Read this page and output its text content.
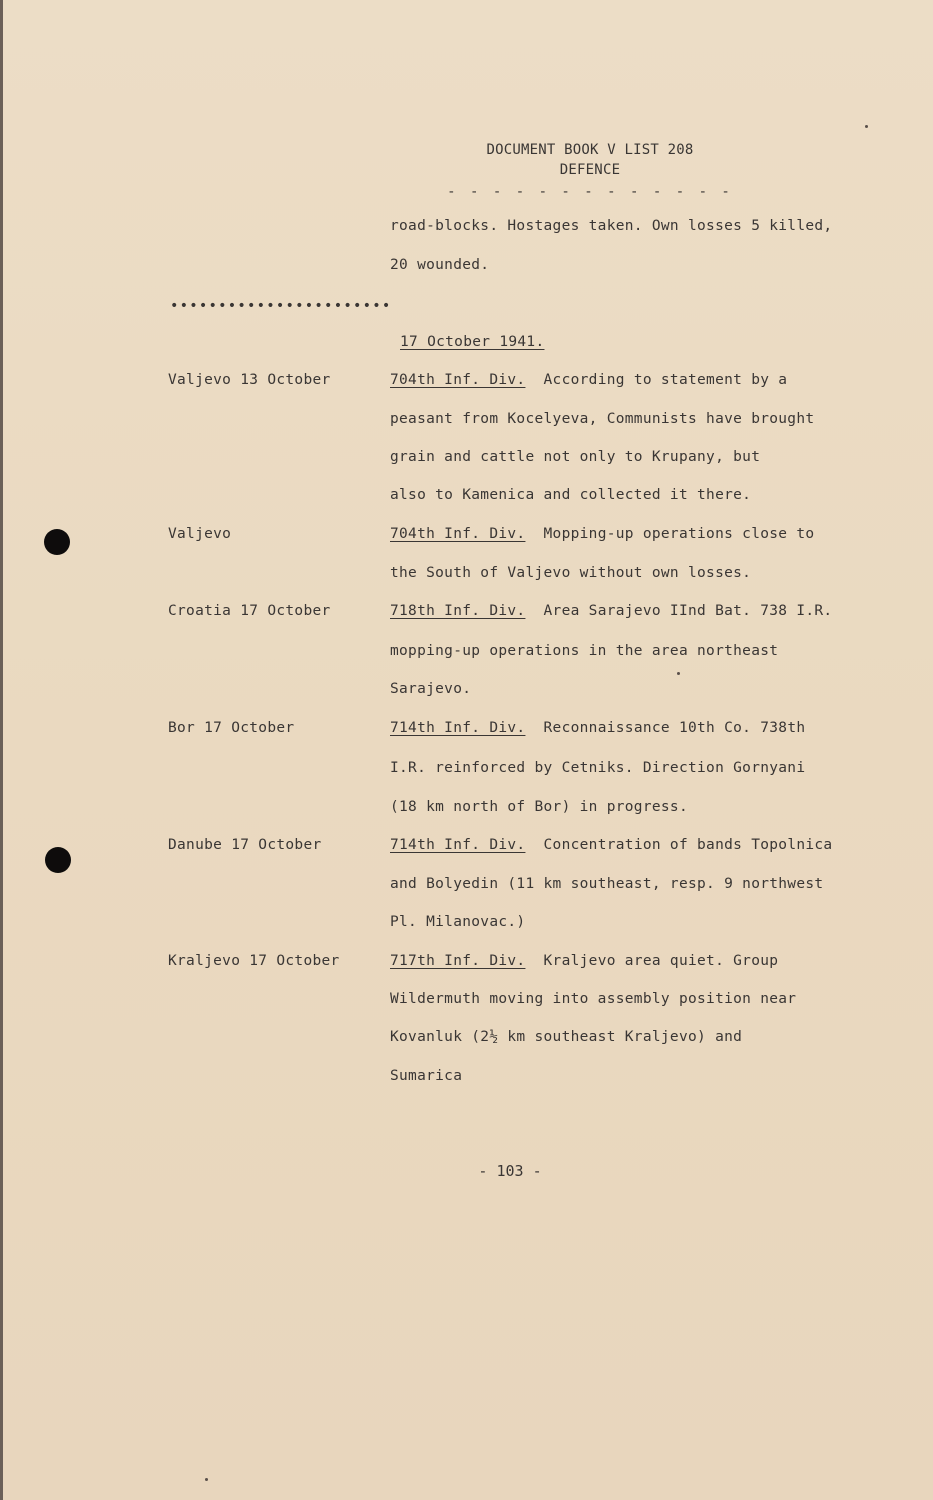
DOCUMENT BOOK V LIST 208
DEFENCE
- - - - - - - - - - - - -
road-blocks. Hostages taken. Own losses 5 killed,
20 wounded.
•••••••••••••••••••••••
17 October 1941.
Valjevo 13 October	704th Inf. Div. According to statement by a
peasant from Kocelyeva, Communists have brought
grain and cattle not only to Krupany, but
also to Kamenica and collected it there.
Valjevo	704th Inf. Div. Mopping-up operations close to
the South of Valjevo without own losses.
Croatia 17 October	718th Inf. Div. Area Sarajevo IInd Bat. 738 I.R.
mopping-up operations in the area northeast
Sarajevo.
Bor 17 October	714th Inf. Div. Reconnaissance 10th Co. 738th
I.R. reinforced by Cetniks. Direction Gornyani
(18 km north of Bor) in progress.
Danube 17 October	714th Inf. Div. Concentration of bands Topolnica
and Bolyedin (11 km southeast, resp. 9 northwest
Pl. Milanovac.)
Kraljevo 17 October	717th Inf. Div. Kraljevo area quiet. Group
Wildermuth moving into assembly position near
Kovanluk (2½ km southeast Kraljevo) and
Sumarica
- 103 -
